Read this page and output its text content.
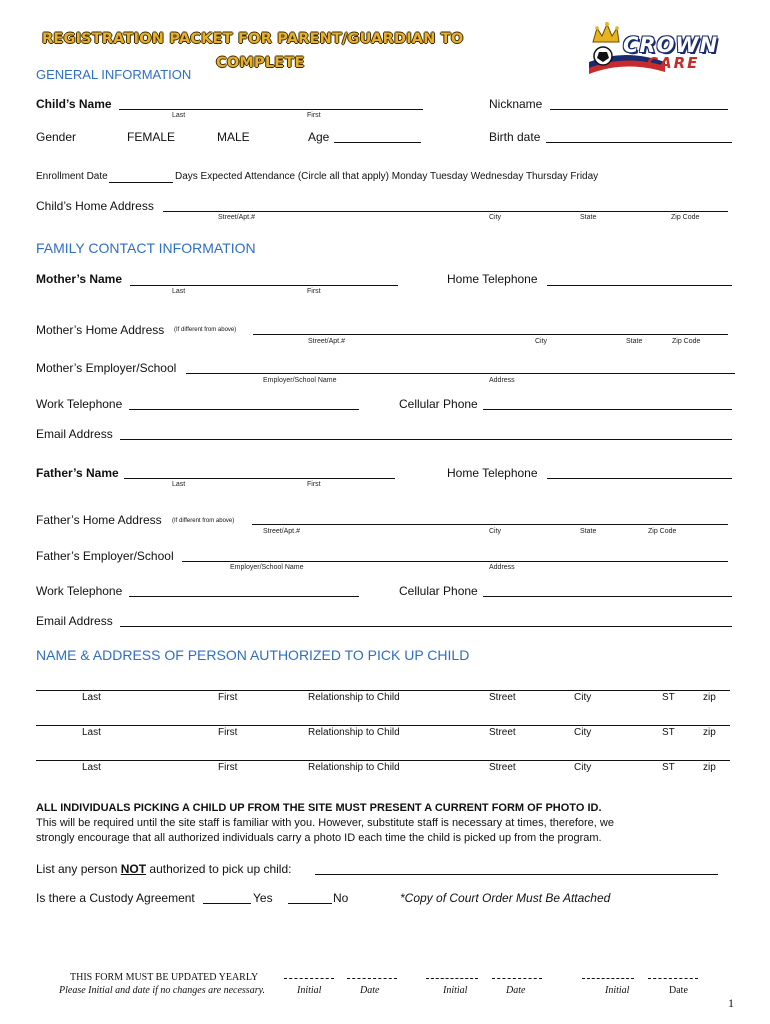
REGISTRATION PACKET FOR PARENT/GUARDIAN TO
COMPLETE
GENERAL INFORMATION
CROWN
CARE
Child’s Name
Last	First
Nickname
Gender	FEMALE	MALE	Age	Birth date
Enrollment Date	Days Expected Attendance (Circle all that apply) Monday Tuesday Wednesday Thursday Friday
Child’s Home Address
Street/Apt.#	City	State	Zip Code
FAMILY CONTACT INFORMATION
Mother’s Name
Last	First
Home Telephone
Mother’s Home Address (If different from above)
Street/Apt.#	City	State	Zip Code
Mother’s Employer/School
Employer/School Name	Address
Work Telephone	Cellular Phone
Email Address
Father’s Name
Last	First
Home Telephone
Father’s Home Address (If different from above)
Street/Apt.#	City	State	Zip Code
Father’s Employer/School
Employer/School Name	Address
Work Telephone	Cellular Phone
Email Address
NAME & ADDRESS OF PERSON AUTHORIZED TO PICK UP CHILD
Last	First	Relationship to Child	Street	City	ST	zip
Last	First	Relationship to Child	Street	City	ST	zip
Last	First	Relationship to Child	Street	City	ST	zip
ALL INDIVIDUALS PICKING A CHILD UP FROM THE SITE MUST PRESENT A CURRENT FORM OF PHOTO ID.
This will be required until the site staff is familiar with you. However, substitute staff is necessary at times, therefore, we
strongly encourage that all authorized individuals carry a photo ID each time the child is picked up from the program.
List any person NOT authorized to pick up child:
Is there a Custody Agreement	Yes	No	*Copy of Court Order Must Be Attached
THIS FORM MUST BE UPDATED YEARLY
Please Initial and date if no changes are necessary.	Initial	Date	Initial	Date	Initial	Date
1
